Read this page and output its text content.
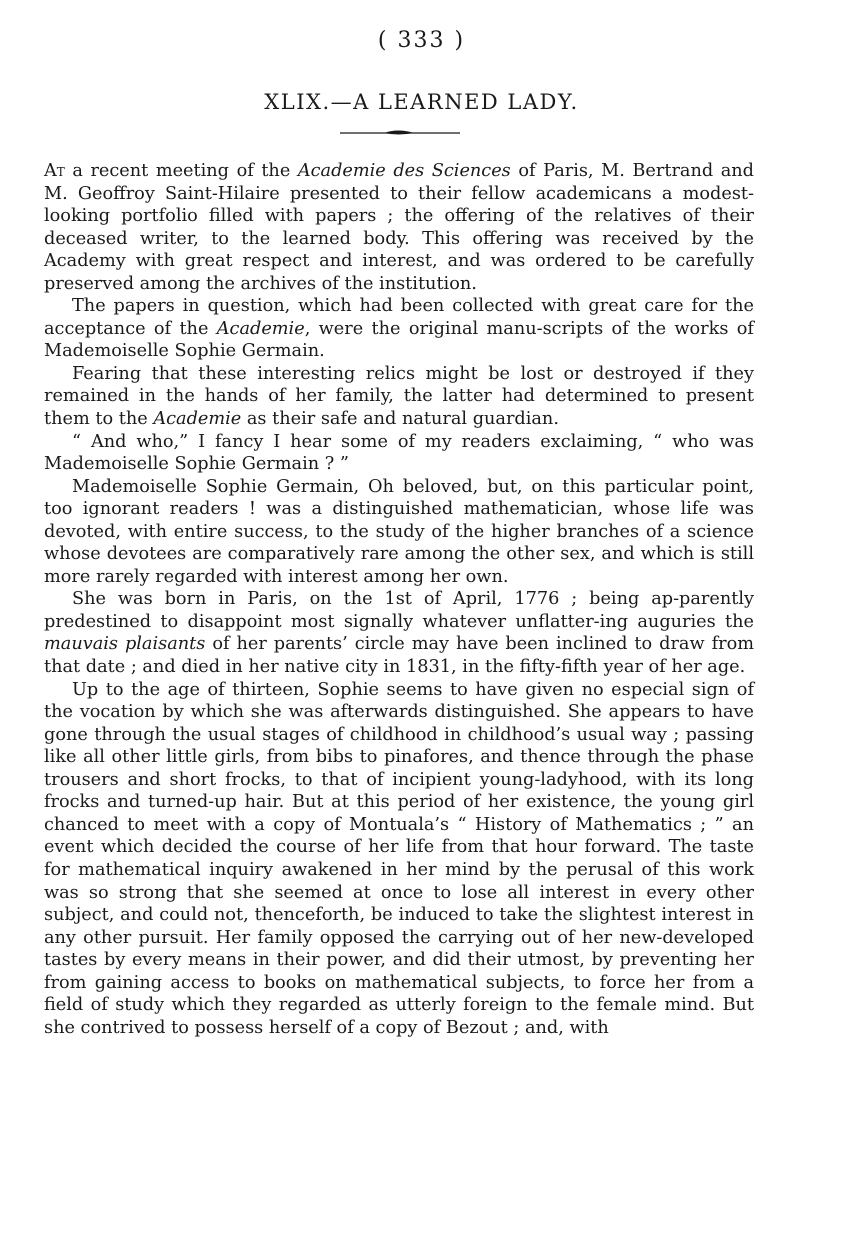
( 333 )
XLIX.—A LEARNED LADY.

At a recent meeting of the Academie des Sciences of Paris, M. Bertrand and M. Geoffroy Saint-Hilaire presented to their fellow academicans a modest-looking portfolio filled with papers ; the offering of the relatives of their deceased writer, to the learned body. This offering was received by the Academy with great respect and interest, and was ordered to be carefully preserved among the archives of the institution.

The papers in question, which had been collected with great care for the acceptance of the Academie, were the original manu-scripts of the works of Mademoiselle Sophie Germain.

Fearing that these interesting relics might be lost or destroyed if they remained in the hands of her family, the latter had determined to present them to the Academie as their safe and natural guardian.

“ And who,” I fancy I hear some of my readers exclaiming, “ who was Mademoiselle Sophie Germain ? ”

Mademoiselle Sophie Germain, Oh beloved, but, on this particular point, too ignorant readers ! was a distinguished mathematician, whose life was devoted, with entire success, to the study of the higher branches of a science whose devotees are comparatively rare among the other sex, and which is still more rarely regarded with interest among her own.

She was born in Paris, on the 1st of April, 1776 ; being ap-parently predestined to disappoint most signally whatever unflatter-ing auguries the mauvais plaisants of her parents’ circle may have been inclined to draw from that date ; and died in her native city in 1831, in the fifty-fifth year of her age.

Up to the age of thirteen, Sophie seems to have given no especial sign of the vocation by which she was afterwards distinguished. She appears to have gone through the usual stages of childhood in childhood’s usual way ; passing like all other little girls, from bibs to pinafores, and thence through the phase trousers and short frocks, to that of incipient young-ladyhood, with its long frocks and turned-up hair. But at this period of her existence, the young girl chanced to meet with a copy of Montuala’s “ History of Mathematics ; ” an event which decided the course of her life from that hour forward. The taste for mathematical inquiry awakened in her mind by the perusal of this work was so strong that she seemed at once to lose all interest in every other subject, and could not, thenceforth, be induced to take the slightest interest in any other pursuit. Her family opposed the carrying out of her new-developed tastes by every means in their power, and did their utmost, by preventing her from gaining access to books on mathematical subjects, to force her from a field of study which they regarded as utterly foreign to the female mind. But she contrived to possess herself of a copy of Bezout ; and, with
